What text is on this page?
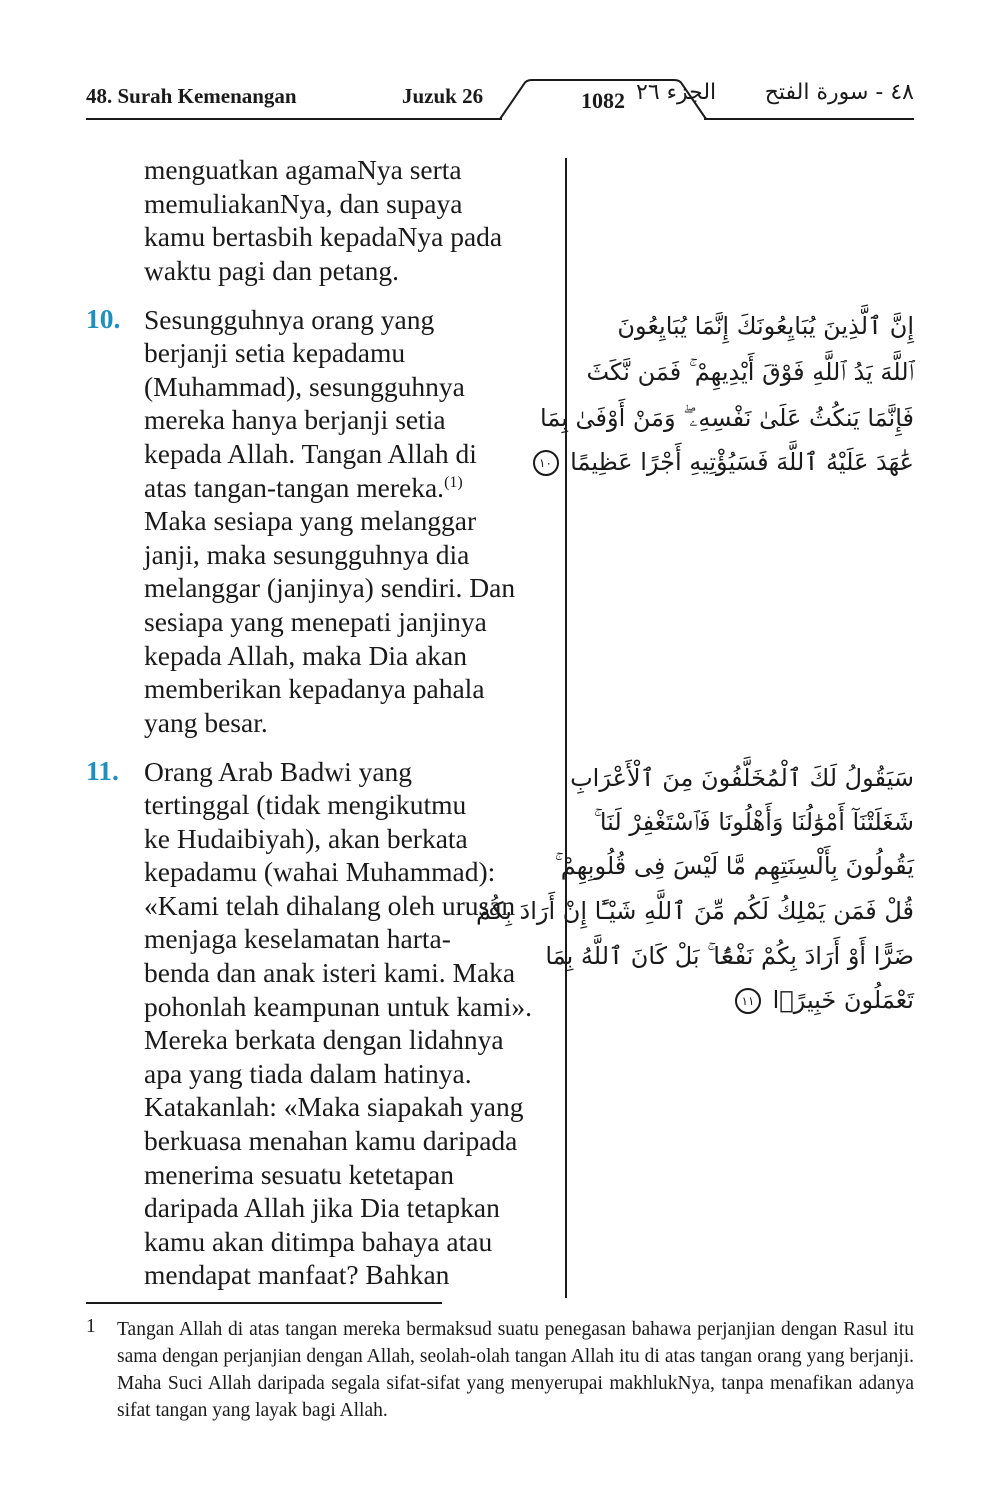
48. Surah Kemenangan	Juzuk 26	1082 الجزء ٢٦ ٤٨ - سورة الفتح
menguatkan agamaNya serta
memuliakanNya, dan supaya
kamu bertasbih kepadaNya pada
waktu pagi dan petang.
10. Sesungguhnya orang yang
berjanji setia kepadamu
(Muhammad), sesungguhnya
mereka hanya berjanji setia
kepada Allah. Tangan Allah di
atas tangan-tangan mereka.$^{(1)}$
Maka sesiapa yang melanggar
janji, maka sesungguhnya dia
melanggar (janjinya) sendiri. Dan
sesiapa yang menepati janjinya
kepada Allah, maka Dia akan
memberikan kepadanya pahala
yang besar.
إِنَّ ٱلَّذِينَ يُبَايِعُونَكَ إِنَّمَا يُبَايِعُونَ
ٱللَّهَ يَدُ ٱللَّهِ فَوْقَ أَيْدِيهِمْ ۚ فَمَن نَّكَثَ
فَإِنَّمَا يَنكُثُ عَلَىٰ نَفْسِهِۦ ۖ وَمَنْ أَوْفَىٰ بِمَا
عَٰهَدَ عَلَيْهُ ٱللَّهَ فَسَيُؤْتِيهِ أَجْرًا عَظِيمًا ١٠
11. Orang Arab Badwi yang
tertinggal (tidak mengikutmu
ke Hudaibiyah), akan berkata
kepadamu (wahai Muhammad):
«Kami telah dihalang oleh urusan
menjaga keselamatan harta-
benda dan anak isteri kami. Maka
pohonlah keampunan untuk kami».
Mereka berkata dengan lidahnya
apa yang tiada dalam hatinya.
Katakanlah: «Maka siapakah yang
berkuasa menahan kamu daripada
menerima sesuatu ketetapan
daripada Allah jika Dia tetapkan
kamu akan ditimpa bahaya atau
mendapat manfaat? Bahkan
سَيَقُولُ لَكَ ٱلْمُخَلَّفُونَ مِنَ ٱلْأَعْرَابِ
شَغَلَتْنَآ أَمْوَٰلُنَا وَأَهْلُونَا فَٱسْتَغْفِرْ لَنَا ۚ
يَقُولُونَ بِأَلْسِنَتِهِم مَّا لَيْسَ فِى قُلُوبِهِمْ ۚ
قُلْ فَمَن يَمْلِكُ لَكُم مِّنَ ٱللَّهِ شَيْـًٔا إِنْ أَرَادَ بِكُمْ
ضَرًّا أَوْ أَرَادَ بِكُمْ نَفْعًۢا ۚ بَلْ كَانَ ٱللَّهُ بِمَا
تَعْمَلُونَ خَبِيرًۢا ١١
1 Tangan Allah di atas tangan mereka bermaksud suatu penegasan bahawa perjanjian dengan Rasul itu sama dengan perjanjian dengan Allah, seolah-olah tangan Allah itu di atas tangan orang yang berjanji. Maha Suci Allah daripada segala sifat-sifat yang menyerupai makhlukNya, tanpa menafikan adanya sifat tangan yang layak bagi Allah.
